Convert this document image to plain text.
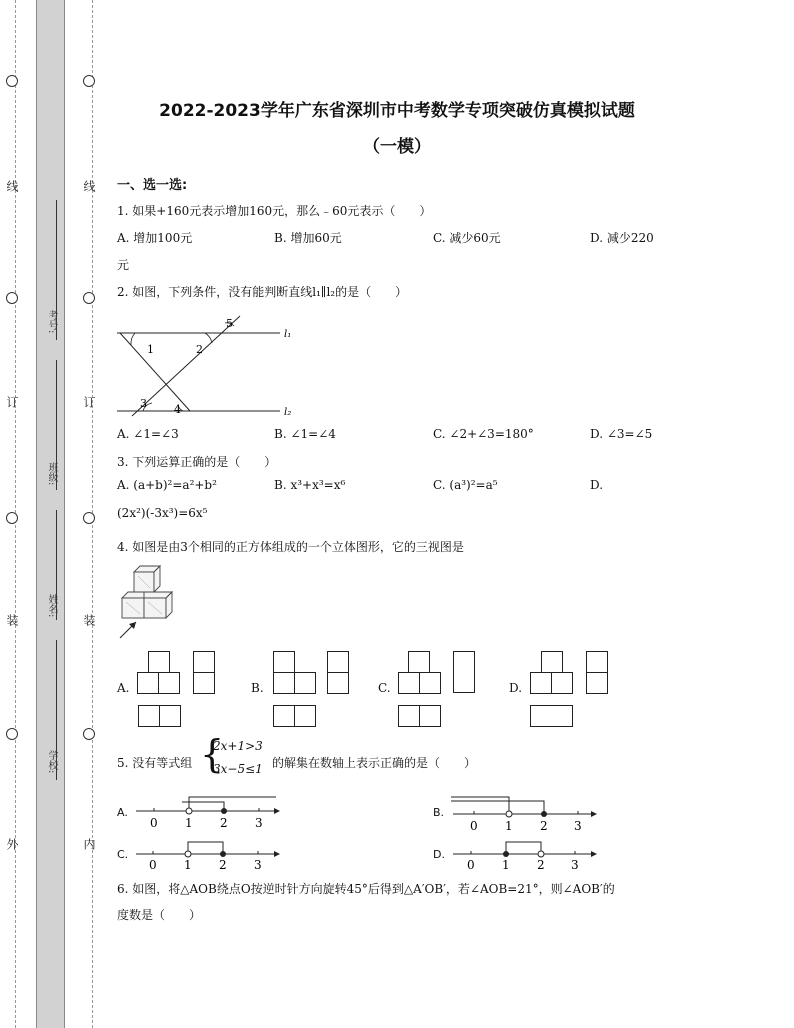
线
订
装
外
线
订
装
内
考号:
班级:
姓名:
学校:
2022-2023学年广东省深圳市中考数学专项突破仿真模拟试题
（一模）
一、选一选:
1. 如果+160元表示增加160元，那么﹣60元表示（　　）
A. 增加100元	B. 增加60元	C. 减少60元	D. 减少220
元
2. 如图，下列条件，没有能判断直线l₁∥l₂的是（　　）
1	2
3 4
5
l₁
l₂
A. ∠1=∠3	B. ∠1=∠4	C. ∠2+∠3=180°	D. ∠3=∠5
3. 下列运算正确的是（　　）
A. (a+b)²=a²+b²	B. x³+x³=x⁶	C. (a³)²=a⁵	D.
(2x²)(-3x³)=6x⁵
4. 如图是由3个相同的正方体组成的一个立体图形，它的三视图是
A.	B.	C.	D.
5. 没有等式组 {
2x+1>3
3x−5≤1 的解集在数轴上表示正确的是（　　）
A.
0 1 2 3
B.
0 1 2 3
C.
0 1 2 3
D.
0 1 2 3
6. 如图，将△AOB绕点O按逆时针方向旋转45°后得到△A′OB′，若∠AOB=21°，则∠AOB′的
度数是（　　）
